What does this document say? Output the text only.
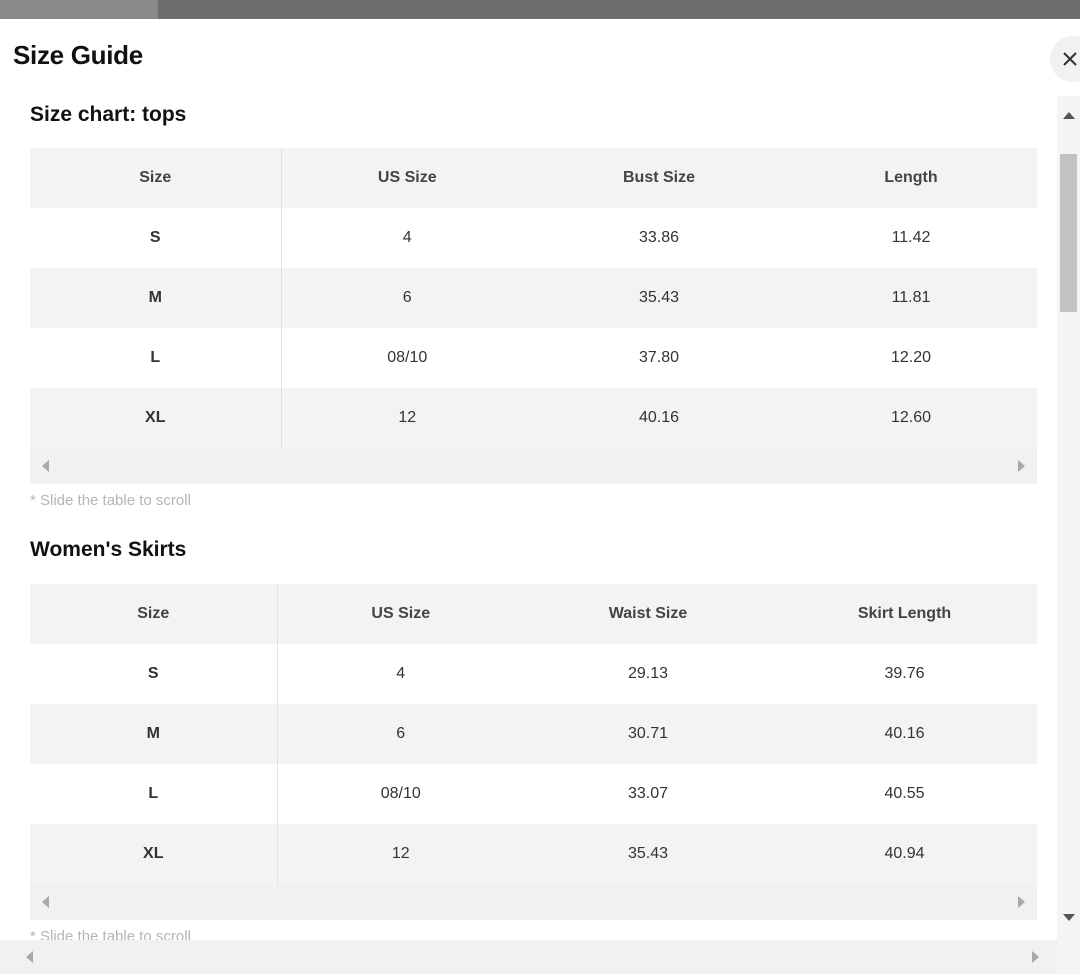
Size Guide
Size chart: tops
Size	US Size	Bust Size	Length
S	4	33.86	11.42
M	6	35.43	11.81
L	08/10	37.80	12.20
XL	12	40.16	12.60
* Slide the table to scroll
Women's Skirts
Size	US Size	Waist Size	Skirt Length
S	4	29.13	39.76
M	6	30.71	40.16
L	08/10	33.07	40.55
XL	12	35.43	40.94
* Slide the table to scroll
